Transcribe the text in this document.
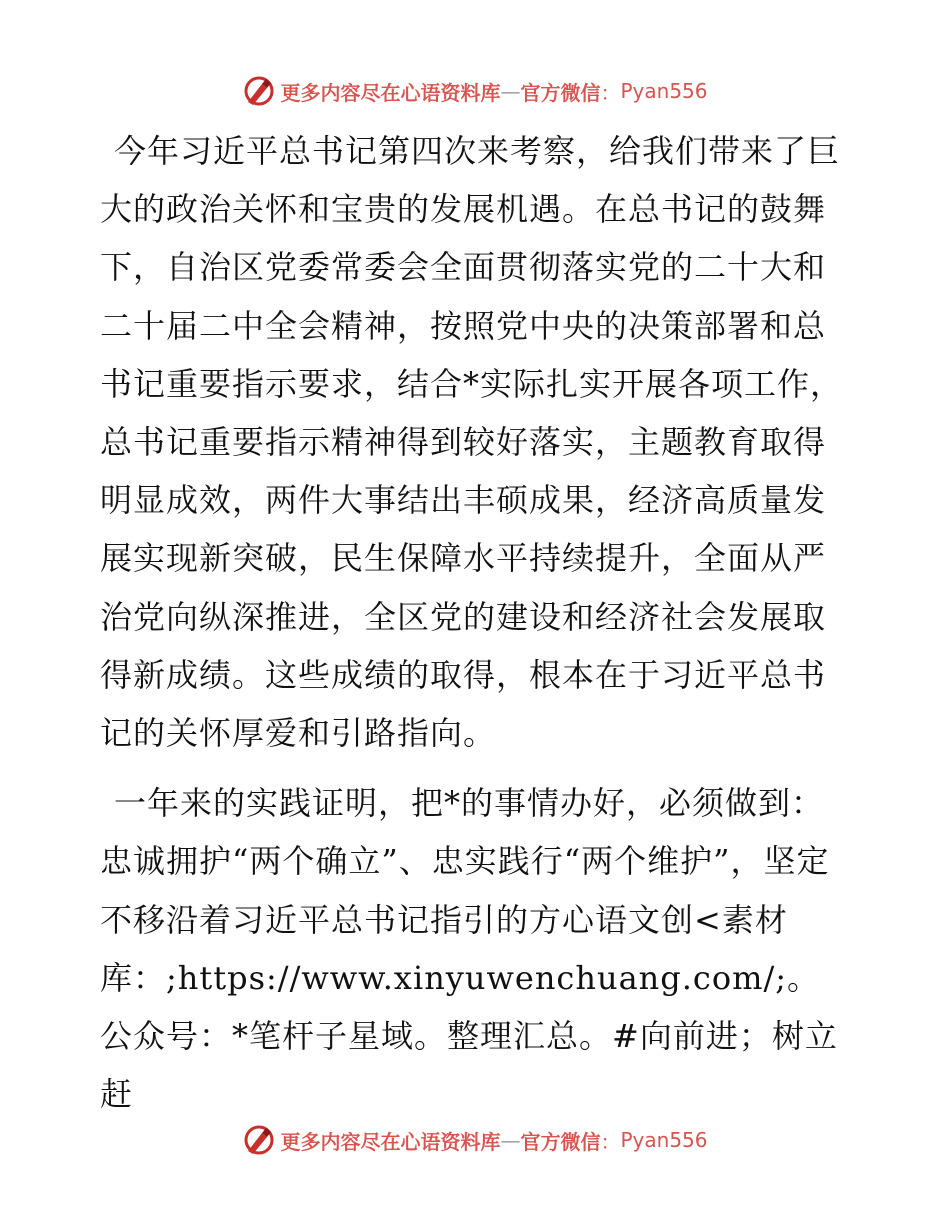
更多内容尽在心语资料库 — 官方微信 ： Pyan556

今年习近平总书记第四次来考察，给我们带来了巨大的政治关怀和宝贵的发展机遇。在总书记的鼓舞下，自治区党委常委会全面贯彻落实党的二十大和二十届二中全会精神，按照党中央的决策部署和总书记重要指示要求，结合*实际扎实开展各项工作，总书记重要指示精神得到较好落实，主题教育取得明显成效，两件大事结出丰硕成果，经济高质量发展实现新突破，民生保障水平持续提升，全面从严治党向纵深推进，全区党的建设和经济社会发展取得新成绩。这些成绩的取得，根本在于习近平总书记的关怀厚爱和引路指向。

一年来的实践证明，把*的事情办好，必须做到：忠诚拥护“两个确立”、忠实践行“两个维护”，坚定不移沿着习近平总书记指引的方心语文创<素材库：;https://www.xinyuwenchuang.com/;。公众号：*笔杆子星域。整理汇总。#向前进；树立赶

更多内容尽在心语资料库 — 官方微信 ： Pyan556
